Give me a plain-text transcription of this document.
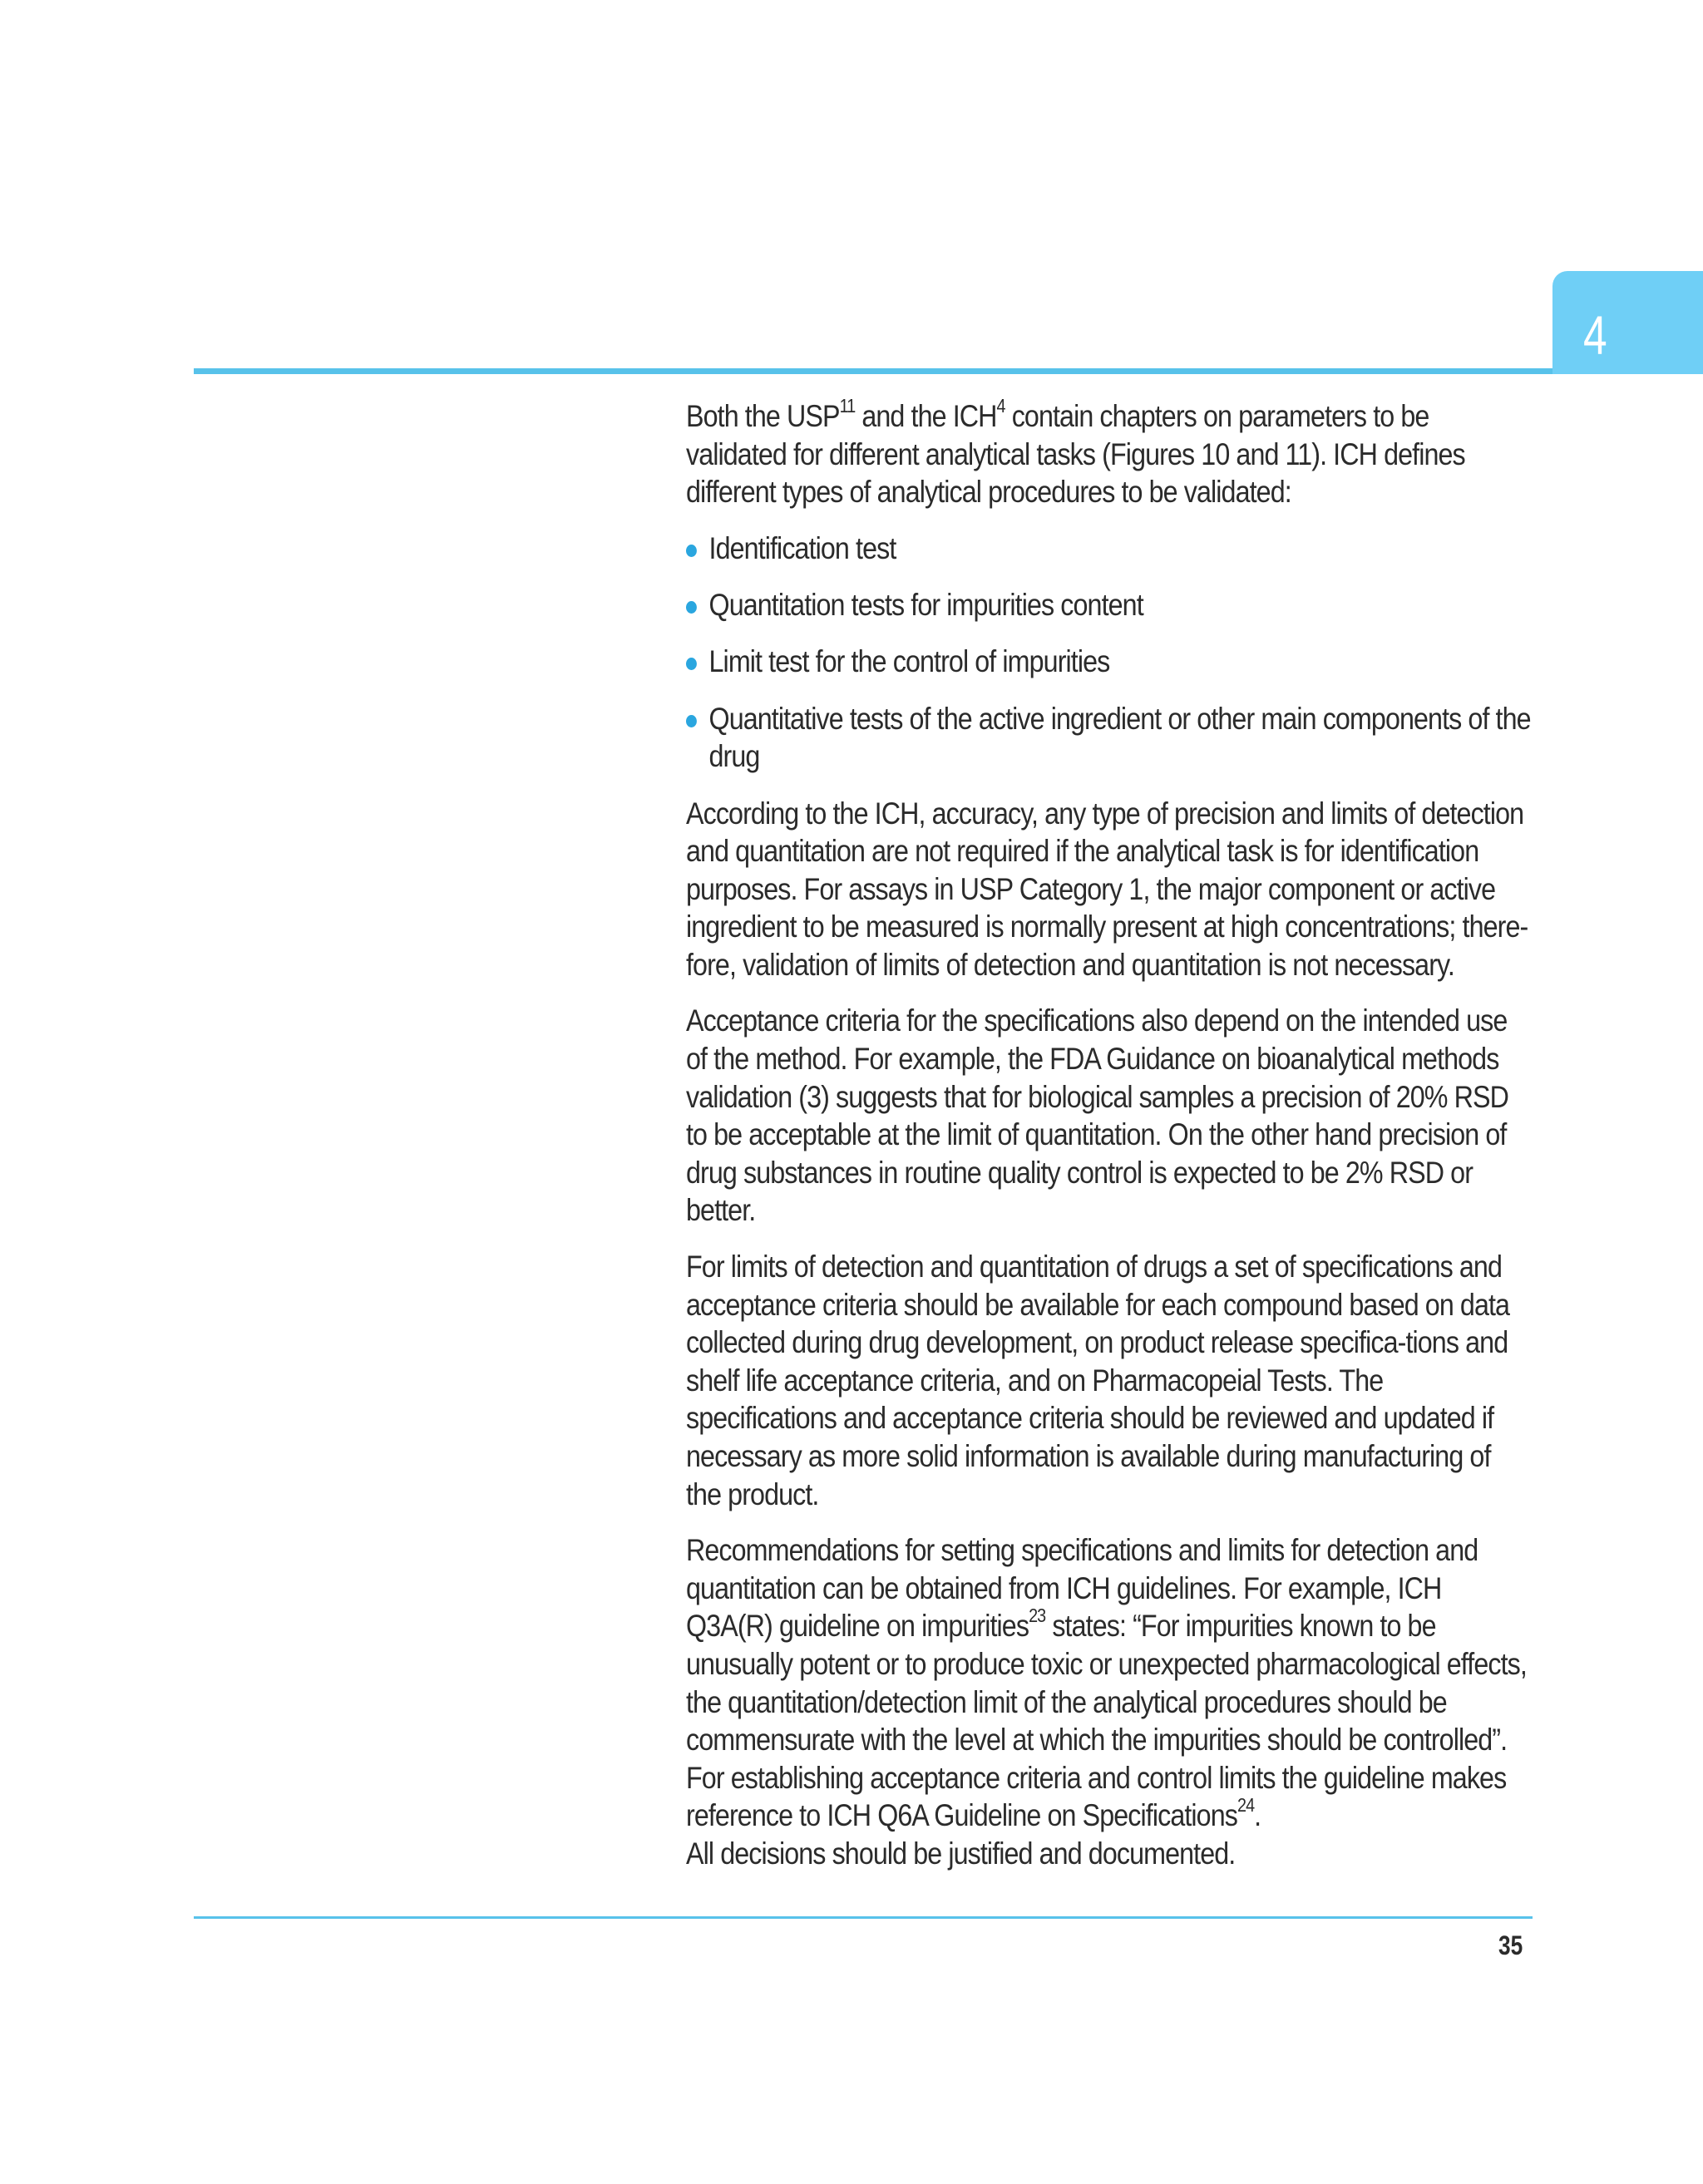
4

Both the USP$^{11}$ and the ICH$^4$ contain chapters on parameters to be validated for different analytical tasks (Figures 10 and 11). ICH defines different types of analytical procedures to be validated:

Identification test
Quantitation tests for impurities content
Limit test for the control of impurities
Quantitative tests of the active ingredient or other main components of the drug

According to the ICH, accuracy, any type of precision and limits of detection and quantitation are not required if the analytical task is for identification purposes. For assays in USP Category 1, the major component or active ingredient to be measured is normally present at high concentrations; there-fore, validation of limits of detection and quantitation is not necessary.

Acceptance criteria for the specifications also depend on the intended use of the method. For example, the FDA Guidance on bioanalytical methods validation (3) suggests that for biological samples a precision of 20% RSD to be acceptable at the limit of quantitation. On the other hand precision of drug substances in routine quality control is expected to be 2% RSD or better.

For limits of detection and quantitation of drugs a set of specifications and acceptance criteria should be available for each compound based on data collected during drug development, on product release specifica-tions and shelf life acceptance criteria, and on Pharmacopeial Tests. The specifications and acceptance criteria should be reviewed and updated if necessary as more solid information is available during manufacturing of the product.

Recommendations for setting specifications and limits for detection and quantitation can be obtained from ICH guidelines. For example, ICH Q3A(R) guideline on impurities$^{23}$ states: “For impurities known to be unusually potent or to produce toxic or unexpected pharmacological effects, the quantitation/detection limit of the analytical procedures should be commensurate with the level at which the impurities should be controlled”. For establishing acceptance criteria and control limits the guideline makes reference to ICH Q6A Guideline on Specifications$^{24}$.
All decisions should be justified and documented.

35
